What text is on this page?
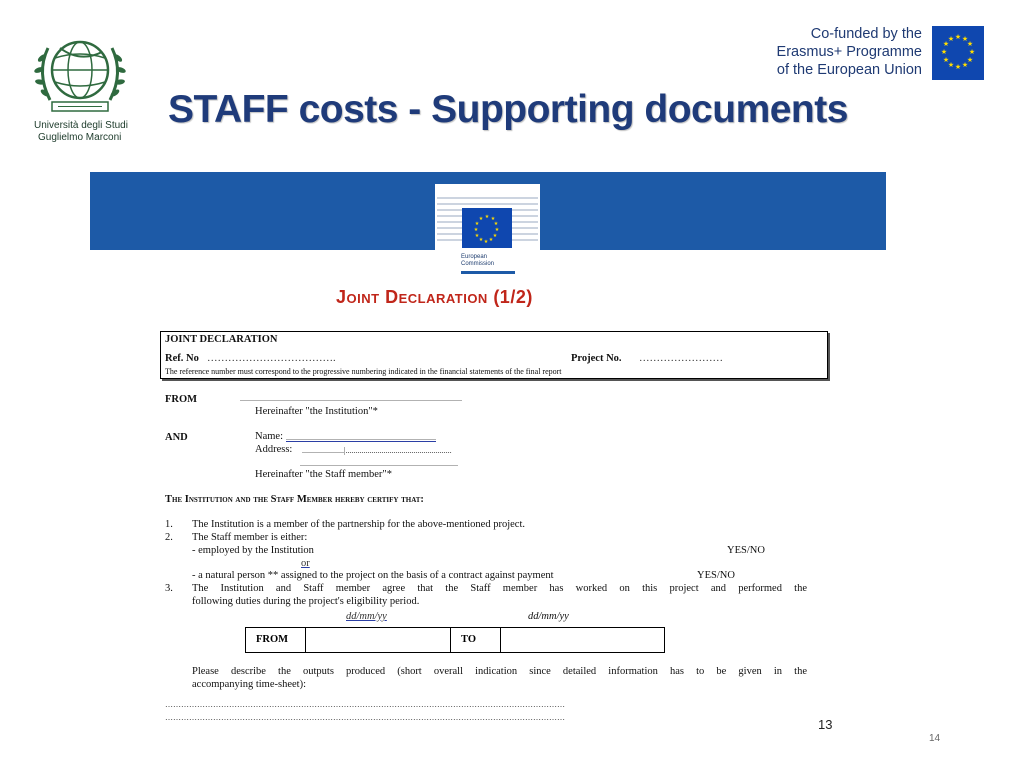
Università degli Studi
Guglielmo Marconi
STAFF costs - Supporting documents
Co-funded by the
Erasmus+ Programme
of the European Union
★ ★
★
★
★
★
★
★
★
★
★
★
★ ★
★
★
★
★
★
★
★
★
★
★
European
Commission
Joint Declaration (1/2)
JOINT DECLARATION
Ref. No ……………………………….	Project No. ……………………
The reference number must correspond to the progressive numbering indicated in the financial statements of the final report
FROM	...............................................................................................................
Hereinafter "the Institution"*
AND	Name: ...........................................................................
Address: .....................|.....................................................
...............................................................................
Hereinafter "the Staff member"*
The Institution and the Staff Member hereby certify that:
1. The Institution is a member of the partnership for the above-mentioned project.
2. The Staff member is either:
- employed by the Institution	YES/NO
or
- a natural person ** assigned to the project on the basis of a contract against payment	YES/NO
3. The Institution and Staff member agree that the Staff member has worked on this project and performed the
following duties during the project's eligibility period.
dd/mm/yy	dd/mm/yy
FROM	TO
Please describe the outputs produced (short overall indication since detailed information has to be given in the
accompanying time-sheet):
……………………………………………………………………………………………………………………………………
……………………………………………………………………………………………………………………………………	13
14
